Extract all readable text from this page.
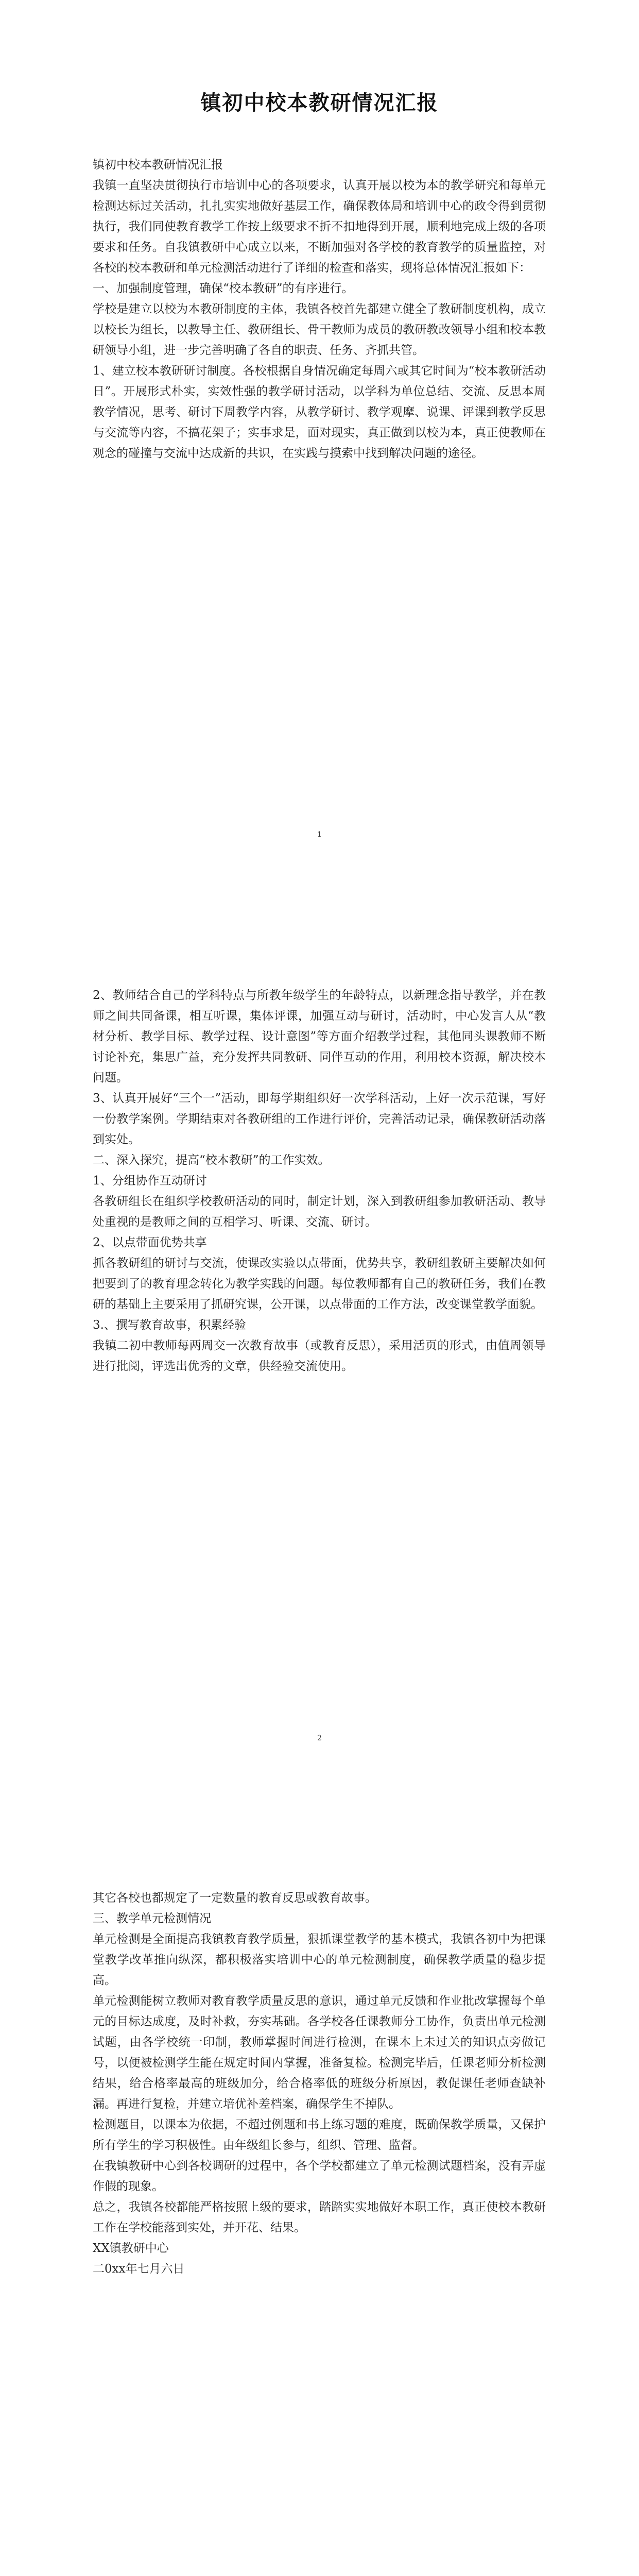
镇初中校本教研情况汇报

镇初中校本教研情况汇报

我镇一直坚决贯彻执行市培训中心的各项要求，认真开展以校为本的教学研究和每单元检测达标过关活动，扎扎实实地做好基层工作，确保教体局和培训中心的政令得到贯彻执行，我们同使教育教学工作按上级要求不折不扣地得到开展，顺利地完成上级的各项要求和任务。自我镇教研中心成立以来，不断加强对各学校的教育教学的质量监控，对各校的校本教研和单元检测活动进行了详细的检查和落实，现将总体情况汇报如下：

一、加强制度管理，确保“校本教研”的有序进行。

学校是建立以校为本教研制度的主体，我镇各校首先都建立健全了教研制度机构，成立以校长为组长，以教导主任、教研组长、骨干教师为成员的教研教改领导小组和校本教研领导小组，进一步完善明确了各自的职责、任务、齐抓共管。

1、建立校本教研研讨制度。各校根据自身情况确定每周六或其它时间为“校本教研活动日”。开展形式朴实，实效性强的教学研讨活动，以学科为单位总结、交流、反思本周教学情况，思考、研讨下周教学内容，从教学研讨、教学观摩、说课、评课到教学反思与交流等内容，不搞花架子；实事求是，面对现实，真正做到以校为本，真正使教师在观念的碰撞与交流中达成新的共识，在实践与摸索中找到解决问题的途径。

1

2、教师结合自己的学科特点与所教年级学生的年龄特点，以新理念指导教学，并在教师之间共同备课，相互听课，集体评课，加强互动与研讨，活动时，中心发言人从“教材分析、教学目标、教学过程、设计意图”等方面介绍教学过程，其他同头课教师不断讨论补充，集思广益，充分发挥共同教研、同伴互动的作用，利用校本资源，解决校本问题。

3、认真开展好“三个一”活动，即每学期组织好一次学科活动，上好一次示范课，写好一份教学案例。学期结束对各教研组的工作进行评价，完善活动记录，确保教研活动落到实处。

二、深入探究，提高“校本教研”的工作实效。

1、分组协作互动研讨

各教研组长在组织学校教研活动的同时，制定计划，深入到教研组参加教研活动、教导处重视的是教师之间的互相学习、听课、交流、研讨。

2、以点带面优势共享

抓各教研组的研讨与交流，使课改实验以点带面，优势共享，教研组教研主要解决如何把要到了的教育理念转化为教学实践的问题。每位教师都有自己的教研任务，我们在教研的基础上主要采用了抓研究课，公开课，以点带面的工作方法，改变课堂教学面貌。

3.、撰写教育故事，积累经验

我镇二初中教师每两周交一次教育故事（或教育反思），采用活页的形式，由值周领导进行批阅，评选出优秀的文章，供经验交流使用。

2

其它各校也都规定了一定数量的教育反思或教育故事。

三、教学单元检测情况

单元检测是全面提高我镇教育教学质量，狠抓课堂教学的基本模式，我镇各初中为把课堂教学改革推向纵深，都积极落实培训中心的单元检测制度，确保教学质量的稳步提高。

单元检测能树立教师对教育教学质量反思的意识，通过单元反馈和作业批改掌握每个单元的目标达成度，及时补救，夯实基础。各学校各任课教师分工协作，负责出单元检测试题，由各学校统一印制，教师掌握时间进行检测，在课本上未过关的知识点旁做记号，以便被检测学生能在规定时间内掌握，准备复检。检测完毕后，任课老师分析检测结果，给合格率最高的班级加分，给合格率低的班级分析原因，教促课任老师查缺补漏。再进行复检，并建立培优补差档案，确保学生不掉队。

检测题目，以课本为依据，不超过例题和书上练习题的难度，既确保教学质量，又保护所有学生的学习积极性。由年级组长参与，组织、管理、监督。

在我镇教研中心到各校调研的过程中，各个学校都建立了单元检测试题档案，没有弄虚作假的现象。

总之，我镇各校都能严格按照上级的要求，踏踏实实地做好本职工作，真正使校本教研工作在学校能落到实处，并开花、结果。

XX镇教研中心

二0xx年七月六日
